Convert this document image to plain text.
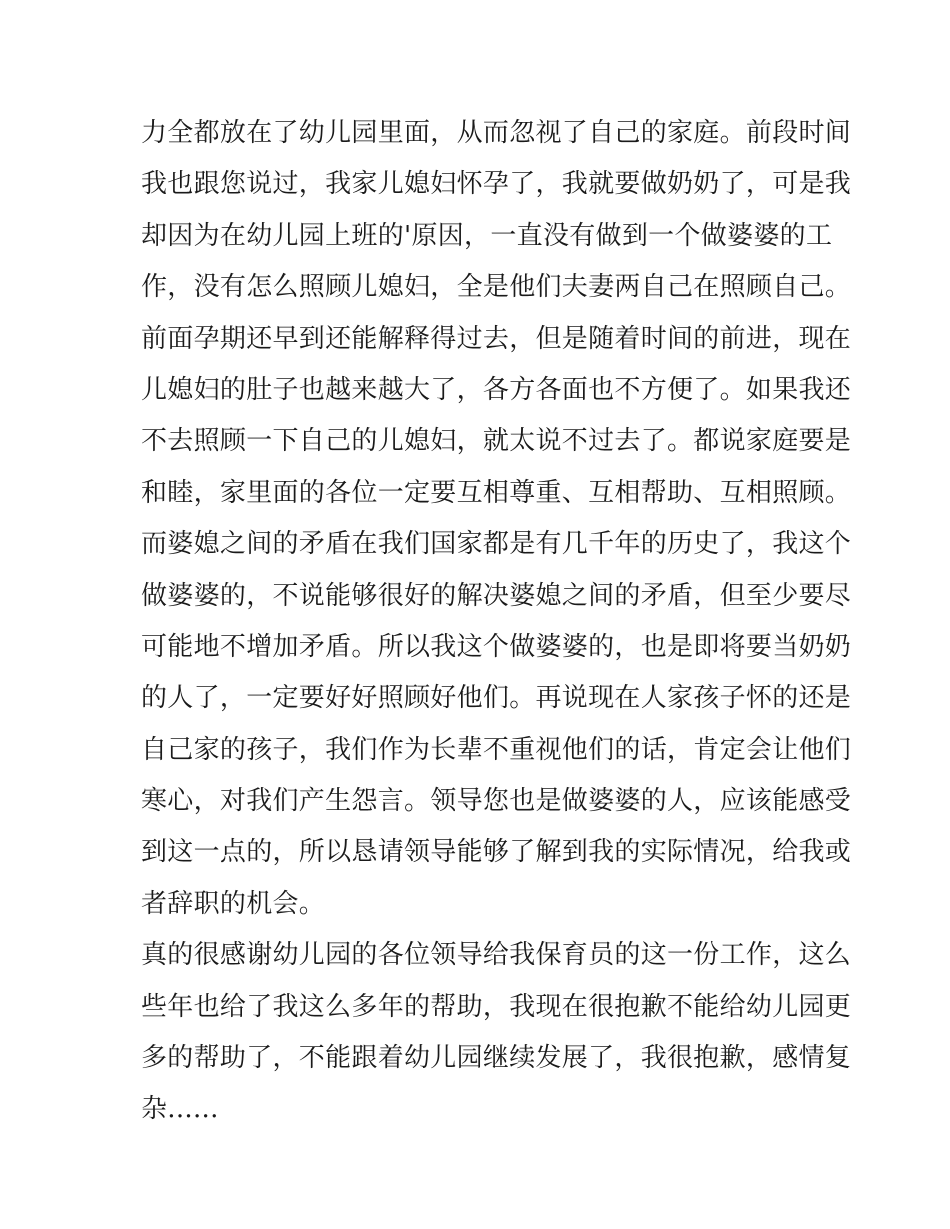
力全都放在了幼儿园里面，从而忽视了自己的家庭。前段时间
我也跟您说过，我家儿媳妇怀孕了，我就要做奶奶了，可是我
却因为在幼儿园上班的'原因，一直没有做到一个做婆婆的工
作，没有怎么照顾儿媳妇，全是他们夫妻两自己在照顾自己。
前面孕期还早到还能解释得过去，但是随着时间的前进，现在
儿媳妇的肚子也越来越大了，各方各面也不方便了。如果我还
不去照顾一下自己的儿媳妇，就太说不过去了。都说家庭要是
和睦，家里面的各位一定要互相尊重、互相帮助、互相照顾。
而婆媳之间的矛盾在我们国家都是有几千年的历史了，我这个
做婆婆的，不说能够很好的解决婆媳之间的矛盾，但至少要尽
可能地不增加矛盾。所以我这个做婆婆的，也是即将要当奶奶
的人了，一定要好好照顾好他们。再说现在人家孩子怀的还是
自己家的孩子，我们作为长辈不重视他们的话，肯定会让他们
寒心，对我们产生怨言。领导您也是做婆婆的人，应该能感受
到这一点的，所以恳请领导能够了解到我的实际情况，给我或
者辞职的机会。
真的很感谢幼儿园的各位领导给我保育员的这一份工作，这么
些年也给了我这么多年的帮助，我现在很抱歉不能给幼儿园更
多的帮助了，不能跟着幼儿园继续发展了，我很抱歉，感情复
杂......
